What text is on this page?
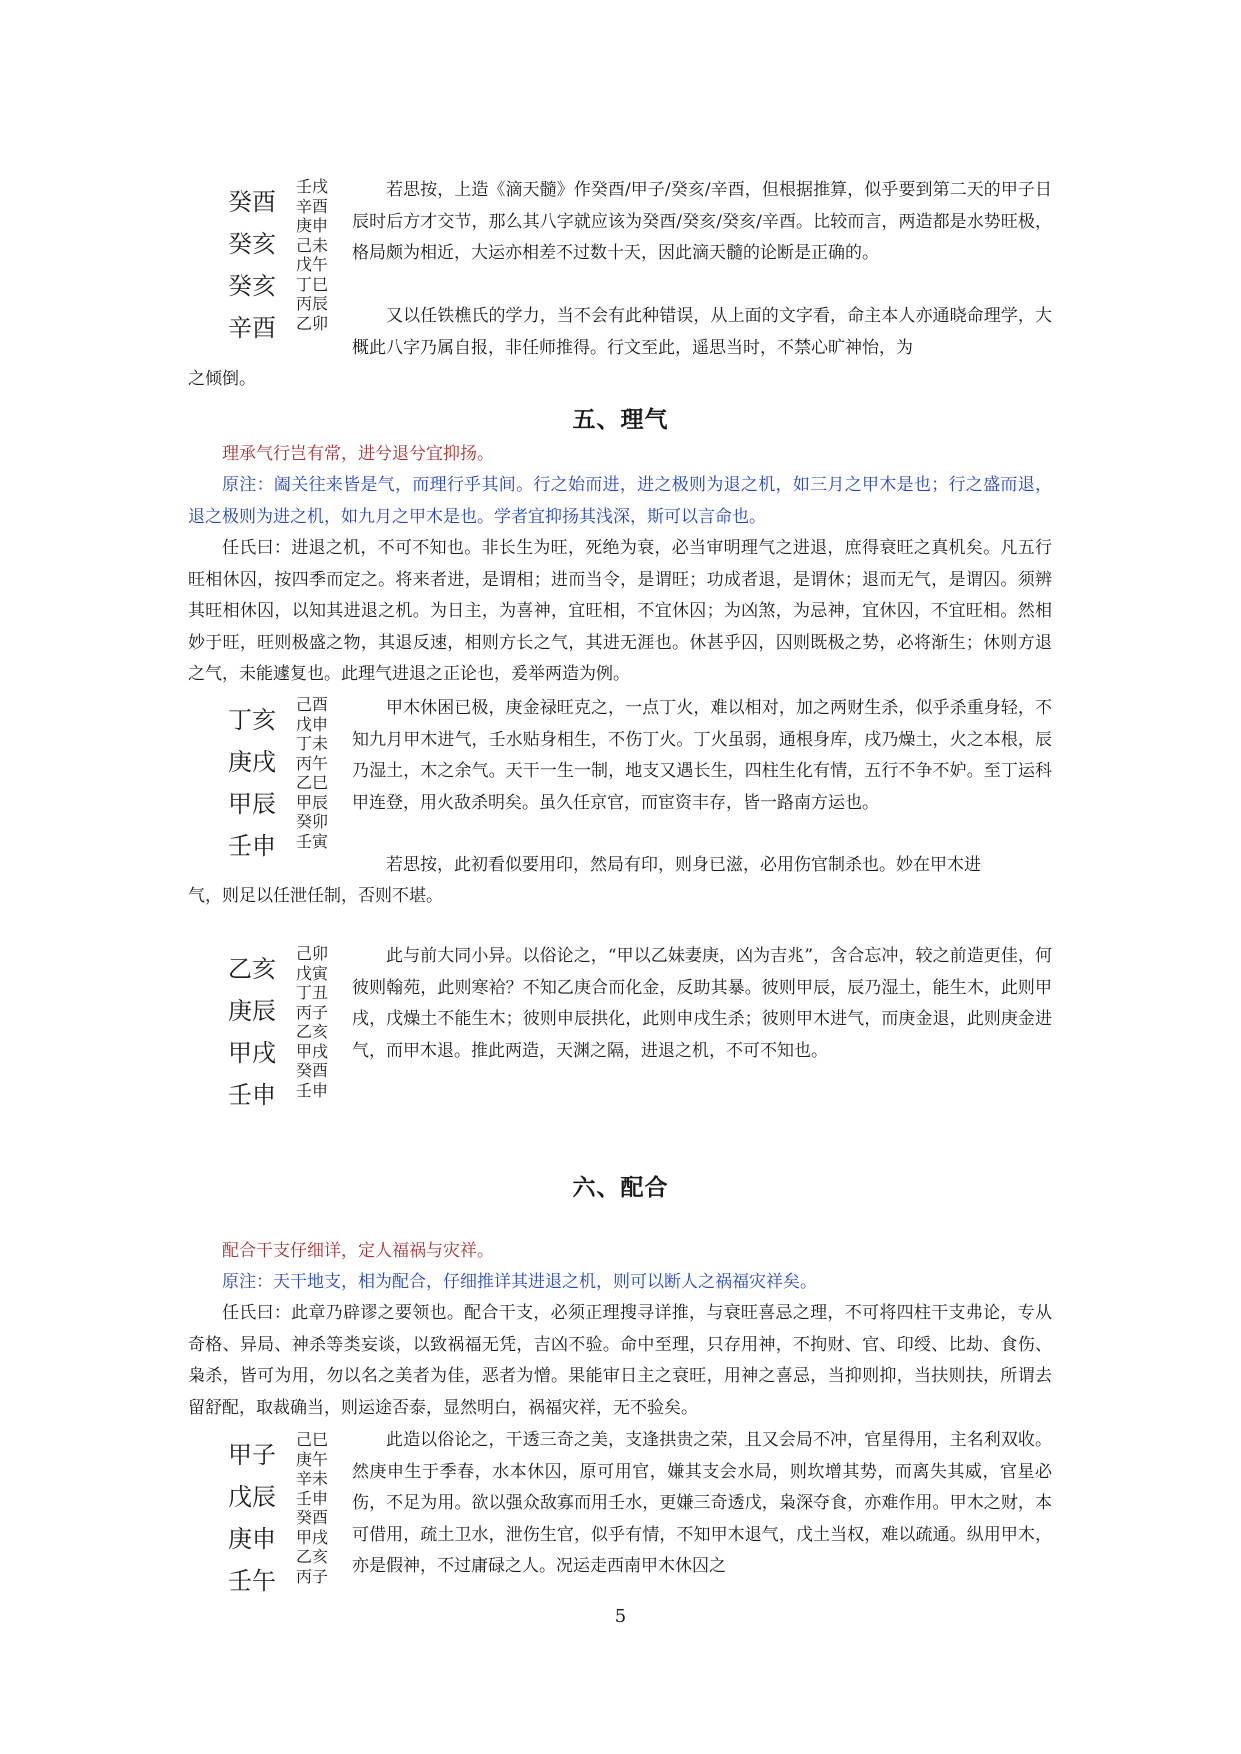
癸酉
癸亥
癸亥
辛酉
壬戌
辛酉
庚申
己未
戊午
丁巳
丙辰
乙卯

若思按，上造《滴天髓》作癸酉/甲子/癸亥/辛酉，但根据推算，似乎要到第二天的甲子日辰时后方才交节，那么其八字就应该为癸酉/癸亥/癸亥/辛酉。比较而言，两造都是水势旺极，格局颇为相近，大运亦相差不过数十天，因此滴天髓的论断是正确的。

又以任铁樵氏的学力，当不会有此种错误，从上面的文字看，命主本人亦通晓命理学，大概此八字乃属自报，非任师推得。行文至此，遥思当时，不禁心旷神怡，为

之倾倒。

五、理气

理承气行岂有常，进兮退兮宜抑扬。

原注：阖关往来皆是气，而理行乎其间。行之始而进，进之极则为退之机，如三月之甲木是也；行之盛而退，退之极则为进之机，如九月之甲木是也。学者宜抑扬其浅深，斯可以言命也。

任氏曰：进退之机，不可不知也。非长生为旺，死绝为衰，必当审明理气之进退，庶得衰旺之真机矣。凡五行旺相休囚，按四季而定之。将来者进，是谓相；进而当令，是谓旺；功成者退，是谓休；退而无气，是谓囚。须辨其旺相休囚，以知其进退之机。为日主，为喜神，宜旺相，不宜休囚；为凶煞，为忌神，宜休囚，不宜旺相。然相妙于旺，旺则极盛之物，其退反速，相则方长之气，其进无涯也。休甚乎囚，囚则既极之势，必将渐生；休则方退之气，未能遽复也。此理气进退之正论也，爰举两造为例。

丁亥
庚戌
甲辰
壬申
己酉
戊申
丁未
丙午
乙巳
甲辰
癸卯
壬寅

甲木休困已极，庚金禄旺克之，一点丁火，难以相对，加之两财生杀，似乎杀重身轻，不知九月甲木进气，壬水贴身相生，不伤丁火。丁火虽弱，通根身库，戌乃燥土，火之本根，辰乃湿土，木之余气。天干一生一制，地支又遇长生，四柱生化有情，五行不争不妒。至丁运科甲连登，用火敌杀明矣。虽久任京官，而宦资丰存，皆一路南方运也。

若思按，此初看似要用印，然局有印，则身已滋，必用伤官制杀也。妙在甲木进

气，则足以任泄任制，否则不堪。

乙亥
庚辰
甲戌
壬申
己卯
戊寅
丁丑
丙子
乙亥
甲戌
癸酉
壬申

此与前大同小异。以俗论之，“甲以乙妹妻庚，凶为吉兆”，含合忘冲，较之前造更佳，何彼则翰苑，此则寒袷？不知乙庚合而化金，反助其暴。彼则甲辰，辰乃湿土，能生木，此则甲戌，戊燥土不能生木；彼则申辰拱化，此则申戌生杀；彼则甲木进气，而庚金退，此则庚金进气，而甲木退。推此两造，天渊之隔，进退之机，不可不知也。

六、配合

配合干支仔细详，定人福祸与灾祥。

原注：天干地支，相为配合，仔细推详其进退之机，则可以断人之祸福灾祥矣。

任氏曰：此章乃辟谬之要领也。配合干支，必须正理搜寻详推，与衰旺喜忌之理，不可将四柱干支弗论，专从奇格、异局、神杀等类妄谈，以致祸福无凭，吉凶不验。命中至理，只存用神，不拘财、官、印绶、比劫、食伤、枭杀，皆可为用，勿以名之美者为佳，恶者为憎。果能审日主之衰旺，用神之喜忌，当抑则抑，当扶则扶，所谓去留舒配，取裁确当，则运途否泰，显然明白，祸福灾祥，无不验矣。

甲子
戊辰
庚申
壬午
己巳
庚午
辛未
壬申
癸酉
甲戌
乙亥
丙子

此造以俗论之，干透三奇之美，支逢拱贵之荣，且又会局不冲，官星得用，主名利双收。然庚申生于季春，水本休囚，原可用官，嫌其支会水局，则坎增其势，而离失其威，官星必伤，不足为用。欲以强众敌寡而用壬水，更嫌三奇透戊，枭深夺食，亦难作用。甲木之财，本可借用，疏土卫水，泄伤生官，似乎有情，不知甲木退气，戊土当权，难以疏通。纵用甲木，亦是假神，不过庸碌之人。况运走西南甲木休囚之

5
